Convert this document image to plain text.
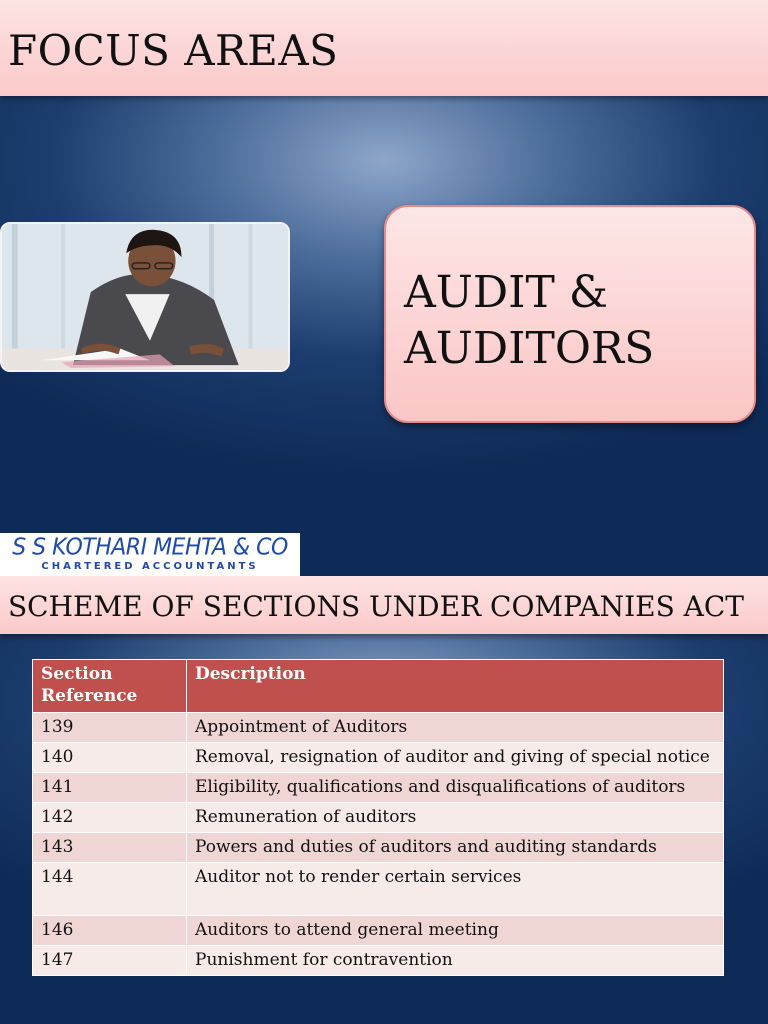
FOCUS AREAS
AUDIT &
AUDITORS
S S KOTHARI MEHTA & CO
CHARTERED ACCOUNTANTS
SCHEME OF SECTIONS UNDER COMPANIES ACT
Section Reference	Description
139	Appointment of Auditors
140	Removal, resignation of auditor and giving of special notice
141	Eligibility, qualifications and disqualifications of auditors
142	Remuneration of auditors
143	Powers and duties of auditors and auditing standards
144	Auditor not to render certain services
146	Auditors to attend general meeting
147	Punishment for contravention
